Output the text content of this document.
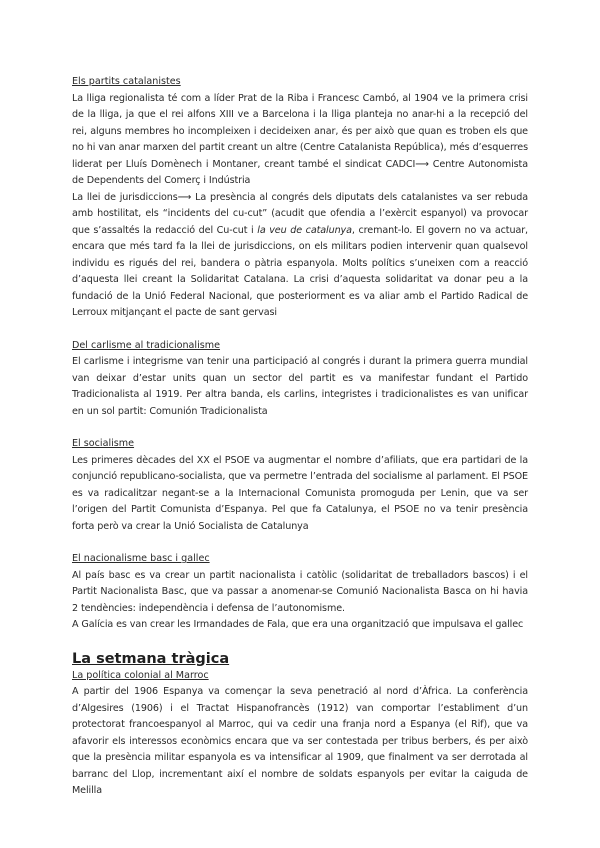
Els partits catalanistes

La lliga regionalista té com a líder Prat de la Riba i Francesc Cambó, al 1904 ve la primera crisi de la lliga, ja que el rei alfons XIII ve a Barcelona i la lliga planteja no anar-hi a la recepció del rei, alguns membres ho incompleixen i decideixen anar, és per això que quan es troben els que no hi van anar marxen del partit creant un altre (Centre Catalanista República), més d’esquerres liderat per Lluís Domènech i Montaner, creant també el sindicat CADCI⟶ Centre Autonomista de Dependents del Comerç i Indústria

La llei de jurisdiccions⟶ La presència al congrés dels diputats dels catalanistes va ser rebuda amb hostilitat, els “incidents del cu-cut” (acudit que ofendia a l’exèrcit espanyol) va provocar que s’assaltés la redacció del Cu-cut i la veu de catalunya, cremant-lo. El govern no va actuar, encara que més tard fa la llei de jurisdiccions, on els militars podien intervenir quan qualsevol individu es rigués del rei, bandera o pàtria espanyola. Molts polítics s’uneixen com a reacció d’aquesta llei creant la Solidaritat Catalana. La crisi d’aquesta solidaritat va donar peu a la fundació de la Unió Federal Nacional, que posteriorment es va aliar amb el Partido Radical de Lerroux mitjançant el pacte de sant gervasi

Del carlisme al tradicionalisme

El carlisme i integrisme van tenir una participació al congrés i durant la primera guerra mundial van deixar d’estar units quan un sector del partit es va manifestar fundant el Partido Tradicionalista al 1919. Per altra banda, els carlins, integristes i tradicionalistes es van unificar en un sol partit: Comunión Tradicionalista

El socialisme

Les primeres dècades del XX el PSOE va augmentar el nombre d’afiliats, que era partidari de la conjunció republicano-socialista, que va permetre l’entrada del socialisme al parlament. El PSOE es va radicalitzar negant-se a la Internacional Comunista promoguda per Lenin, que va ser l’origen del Partit Comunista d’Espanya. Pel que fa Catalunya, el PSOE no va tenir presència forta però va crear la Unió Socialista de Catalunya

El nacionalisme basc i gallec

Al país basc es va crear un partit nacionalista i catòlic (solidaritat de treballadors bascos) i el Partit Nacionalista Basc, que va passar a anomenar-se Comunió Nacionalista Basca on hi havia 2 tendències: independència i defensa de l’autonomisme.

A Galícia es van crear les Irmandades de Fala, que era una organització que impulsava el gallec

La setmana tràgica

La política colonial al Marroc

A partir del 1906 Espanya va començar la seva penetració al nord d’Àfrica. La conferència d’Algesires (1906) i el Tractat Hispanofrancès (1912) van comportar l’establiment d’un protectorat francoespanyol al Marroc, qui va cedir una franja nord a Espanya (el Rif), que va afavorir els interessos econòmics encara que va ser contestada per tribus berbers, és per això que la presència militar espanyola es va intensificar al 1909, que finalment va ser derrotada al barranc del Llop, incrementant així el nombre de soldats espanyols per evitar la caiguda de Melilla
